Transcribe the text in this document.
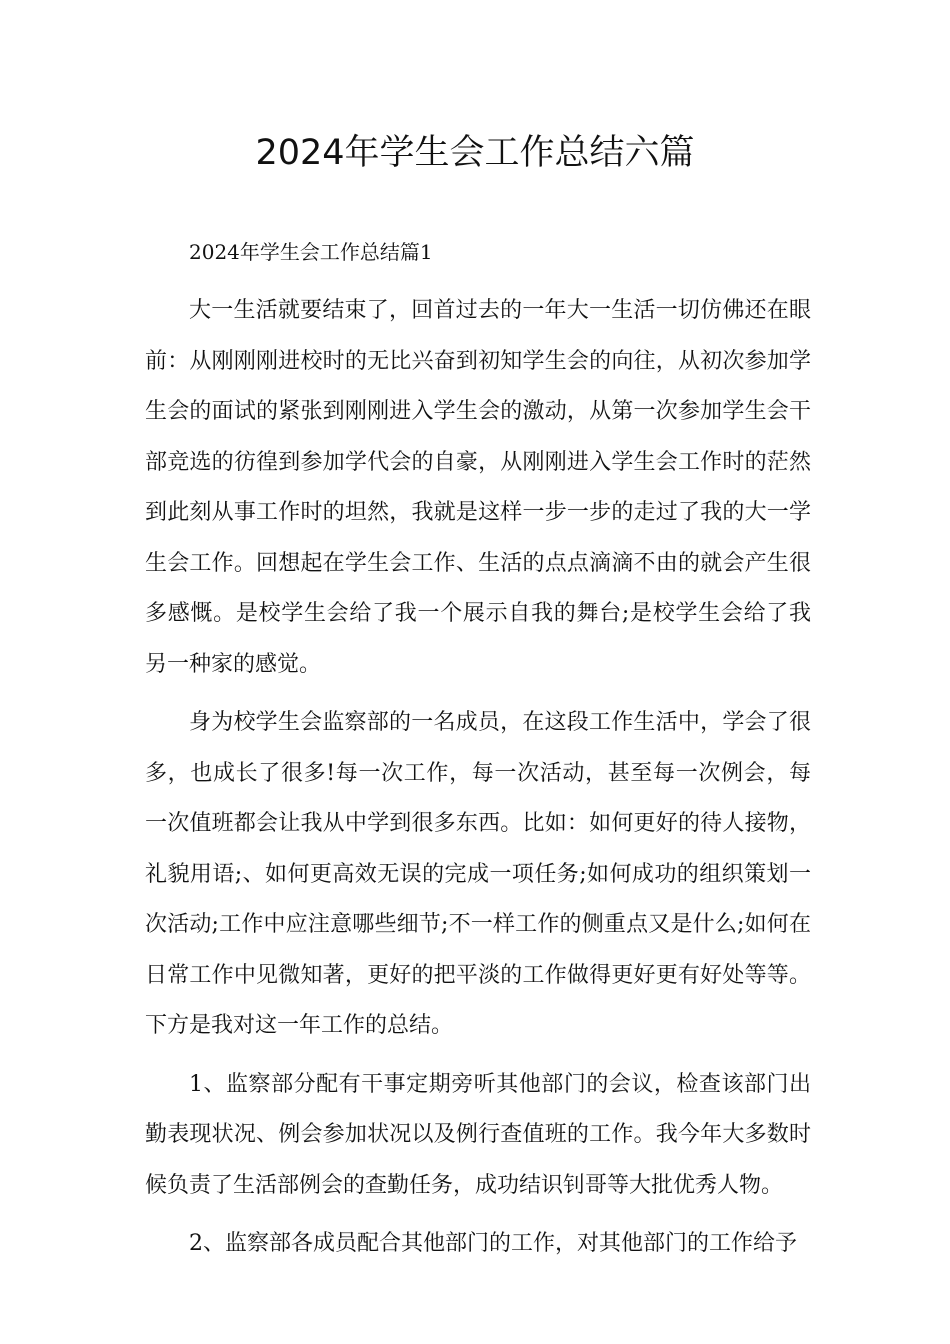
2024年学生会工作总结六篇

2024年学生会工作总结篇1

大一生活就要结束了，回首过去的一年大一生活一切仿佛还在眼前：从刚刚刚进校时的无比兴奋到初知学生会的向往，从初次参加学生会的面试的紧张到刚刚进入学生会的激动，从第一次参加学生会干部竞选的彷徨到参加学代会的自豪，从刚刚进入学生会工作时的茫然到此刻从事工作时的坦然，我就是这样一步一步的走过了我的大一学生会工作。回想起在学生会工作、生活的点点滴滴不由的就会产生很多感慨。是校学生会给了我一个展示自我的舞台;是校学生会给了我另一种家的感觉。

身为校学生会监察部的一名成员，在这段工作生活中，学会了很多，也成长了很多!每一次工作，每一次活动，甚至每一次例会，每一次值班都会让我从中学到很多东西。比如：如何更好的待人接物，礼貌用语;、如何更高效无误的完成一项任务;如何成功的组织策划一次活动;工作中应注意哪些细节;不一样工作的侧重点又是什么;如何在日常工作中见微知著，更好的把平淡的工作做得更好更有好处等等。下方是我对这一年工作的总结。

1、监察部分配有干事定期旁听其他部门的会议，检查该部门出勤表现状况、例会参加状况以及例行查值班的工作。我今年大多数时候负责了生活部例会的查勤任务，成功结识钊哥等大批优秀人物。

2、监察部各成员配合其他部门的工作，对其他部门的工作给予
